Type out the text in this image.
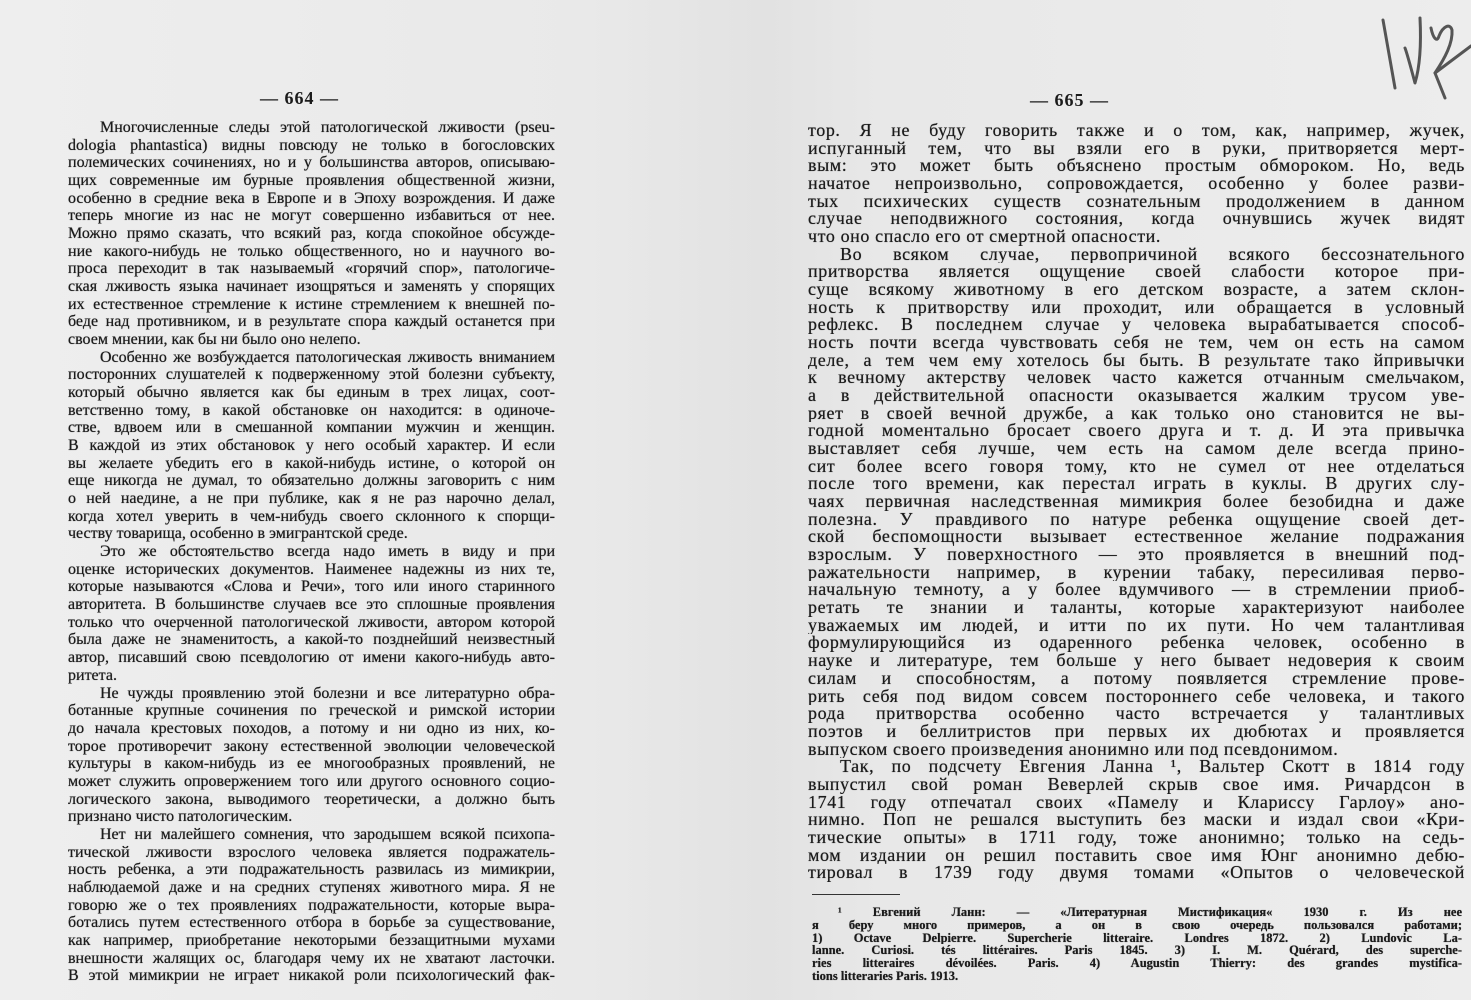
— 664 —
Многочисленные следы этой патологической лживости (pseu-
dologia phantastica) видны повсюду не только в богословских
полемических сочинениях, но и у большинства авторов, описываю-
щих современные им бурные проявления общественной жизни,
особенно в средние века в Европе и в Эпоху возрождения. И даже
теперь многие из нас не могут совершенно избавиться от нее.
Можно прямо сказать, что всякий раз, когда спокойное обсужде-
ние какого-нибудь не только общественного, но и научного во-
проса переходит в так называемый «горячий спор», патологиче-
ская лживость языка начинает изощряться и заменять у спорящих
их естественное стремление к истине стремлением к внешней по-
беде над противником, и в результате спора каждый останется при
своем мнении, как бы ни было оно нелепо.
Особенно же возбуждается патологическая лживость вниманием
посторонних слушателей к подверженному этой болезни субъекту,
который обычно является как бы единым в трех лицах, соот-
ветственно тому, в какой обстановке он находится: в одиноче-
стве, вдвоем или в смешанной компании мужчин и женщин.
В каждой из этих обстановок у него особый характер. И если
вы желаете убедить его в какой-нибудь истине, о которой он
еще никогда не думал, то обязательно должны заговорить с ним
о ней наедине, а не при публике, как я не раз нарочно делал,
когда хотел уверить в чем-нибудь своего склонного к спорщи-
честву товарища, особенно в эмигрантской среде.
Это же обстоятельство всегда надо иметь в виду и при
оценке исторических документов. Наименее надежны из них те,
которые называются «Слова и Речи», того или иного старинного
авторитета. В большинстве случаев все это сплошные проявления
только что очерченной патологической лживости, автором которой
была даже не знаменитость, а какой-то позднейший неизвестный
автор, писавший свою псевдологию от имени какого-нибудь авто-
ритета.
Не чужды проявлению этой болезни и все литературно обра-
ботанные крупные сочинения по греческой и римской истории
до начала крестовых походов, а потому и ни одно из них, ко-
торое противоречит закону естественной эволюции человеческой
культуры в каком-нибудь из ее многообразных проявлений, не
может служить опровержением того или другого основного социо-
логического закона, выводимого теоретически, а должно быть
признано чисто патологическим.
Нет ни малейшего сомнения, что зародышем всякой психопа-
тической лживости взрослого человека является подражатель-
ность ребенка, а эти подражательность развилась из мимикрии,
наблюдаемой даже и на средних ступенях животного мира. Я не
говорю же о тех проявлениях подражательности, которые выра-
ботались путем естественного отбора в борьбе за существование,
как например, приобретание некоторыми беззащитными мухами
внешности жалящих ос, благодаря чему их не хватают ласточки.
В этой мимикрии не играет никакой роли психологический фак-
— 665 —
тор. Я не буду говорить также и о том, как, например, жучек,
испуганный тем, что вы взяли его в руки, притворяется мерт-
вым: это может быть объяснено простым обмороком. Но, ведь
начатое непроизвольно, сопровождается, особенно у более разви-
тых психических существ сознательным продолжением в данном
случае неподвижного состояния, когда очнувшись жучек видят
что оно спасло его от смертной опасности.
Во всяком случае, первопричиной всякого бессознательного
притворства является ощущение своей слабости которое при-
суще всякому животному в его детском возрасте, а затем склон-
ность к притворству или проходит, или обращается в условный
рефлекс. В последнем случае у человека вырабатывается способ-
ность почти всегда чувствовать себя не тем, чем он есть на самом
деле, а тем чем ему хотелось бы быть. В результате тако йпривычки
к вечному актерству человек часто кажется отчанным смельчаком,
а в действительной опасности оказывается жалким трусом уве-
ряет в своей вечной дружбе, а как только оно становится не вы-
годной моментально бросает своего друга и т. д. И эта привычка
выставляет себя лучше, чем есть на самом деле всегда прино-
сит более всего говоря тому, кто не сумел от нее отделаться
после того времени, как перестал играть в куклы. В других слу-
чаях первичная наследственная мимикрия более безобидна и даже
полезна. У правдивого по натуре ребенка ощущение своей дет-
ской беспомощности вызывает естественное желание подражания
взрослым. У поверхностного — это проявляется в внешний под-
ражательности например, в курении табаку, пересиливая перво-
начальную темноту, а у более вдумчивого — в стремлении приоб-
ретать те знании и таланты, которые характеризуют наиболее
уважаемых им людей, и итти по их пути. Но чем талантливая
формулирующийся из одаренного ребенка человек, особенно в
науке и литературе, тем больше у него бывает недоверия к своим
силам и способностям, а потому появляется стремление прове-
рить себя под видом совсем постороннего себе человека, и такого
рода притворства особенно часто встречается у талантливых
поэтов и беллитристов при первых их дюбютах и проявляется
выпуском своего произведения анонимно или под псевдонимом.
Так, по подсчету Евгения Ланна ¹, Вальтер Скотт в 1814 году
выпустил свой роман Веверлей скрыв свое имя. Ричардсон в
1741 году отпечатал своих «Памелу и Клариссу Гарлоу» ано-
нимно. Поп не решался выступить без маски и издал свои «Кри-
тические опыты» в 1711 году, тоже анонимно; только на седь-
мом издании он решил поставить свое имя Юнг анонимно дебю-
тировал в 1739 году двумя томами «Опытов о человеческой
¹ Евгений Ланн: — «Литературная Мистификация« 1930 г. Из нее
я беру много примеров, а он в свою очередь пользовался работами;
1) Octave Delpierre. Supercherie litteraire. Londres 1872. 2) Lundovic La-
lanne. Curiosi. tés littéraires. Paris 1845. 3) I. M. Quérard, des superche-
ries litteraires dévoilées. Paris. 4) Augustin Thierry: des grandes mystifica-
tions litteraries Paris. 1913.
